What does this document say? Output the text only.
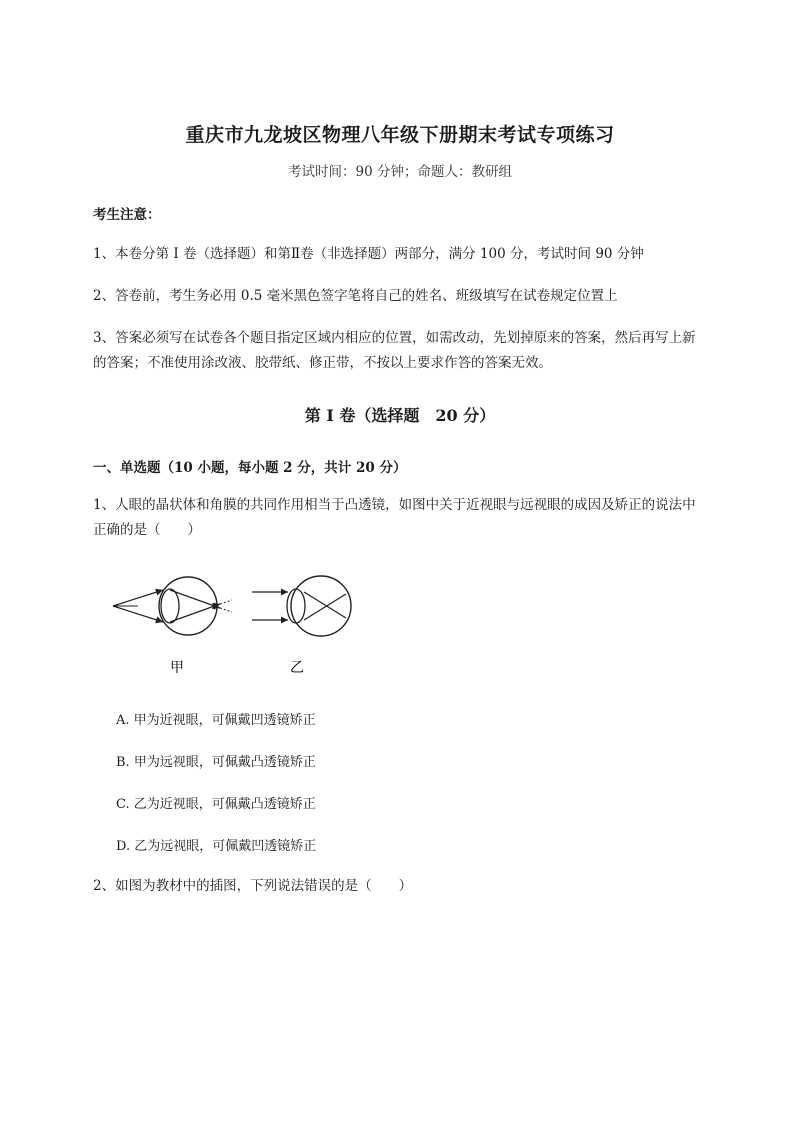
重庆市九龙坡区物理八年级下册期末考试专项练习
考试时间：90 分钟；命题人：教研组
考生注意：
1、本卷分第 I 卷（选择题）和第Ⅱ卷（非选择题）两部分，满分 100 分，考试时间 90 分钟
2、答卷前，考生务必用 0.5 毫米黑色签字笔将自己的姓名、班级填写在试卷规定位置上
3、答案必须写在试卷各个题目指定区域内相应的位置，如需改动，先划掉原来的答案，然后再写上新
的答案；不准使用涂改液、胶带纸、修正带，不按以上要求作答的答案无效。
第 I 卷（选择题　20 分）
一、单选题（10 小题，每小题 2 分，共计 20 分）
1、人眼的晶状体和角膜的共同作用相当于凸透镜，如图中关于近视眼与远视眼的成因及矫正的说法中
正确的是（　　）
甲	乙
A. 甲为近视眼，可佩戴凹透镜矫正
B. 甲为远视眼，可佩戴凸透镜矫正
C. 乙为近视眼，可佩戴凸透镜矫正
D. 乙为远视眼，可佩戴凹透镜矫正
2、如图为教材中的插图，下列说法错误的是（　　）
